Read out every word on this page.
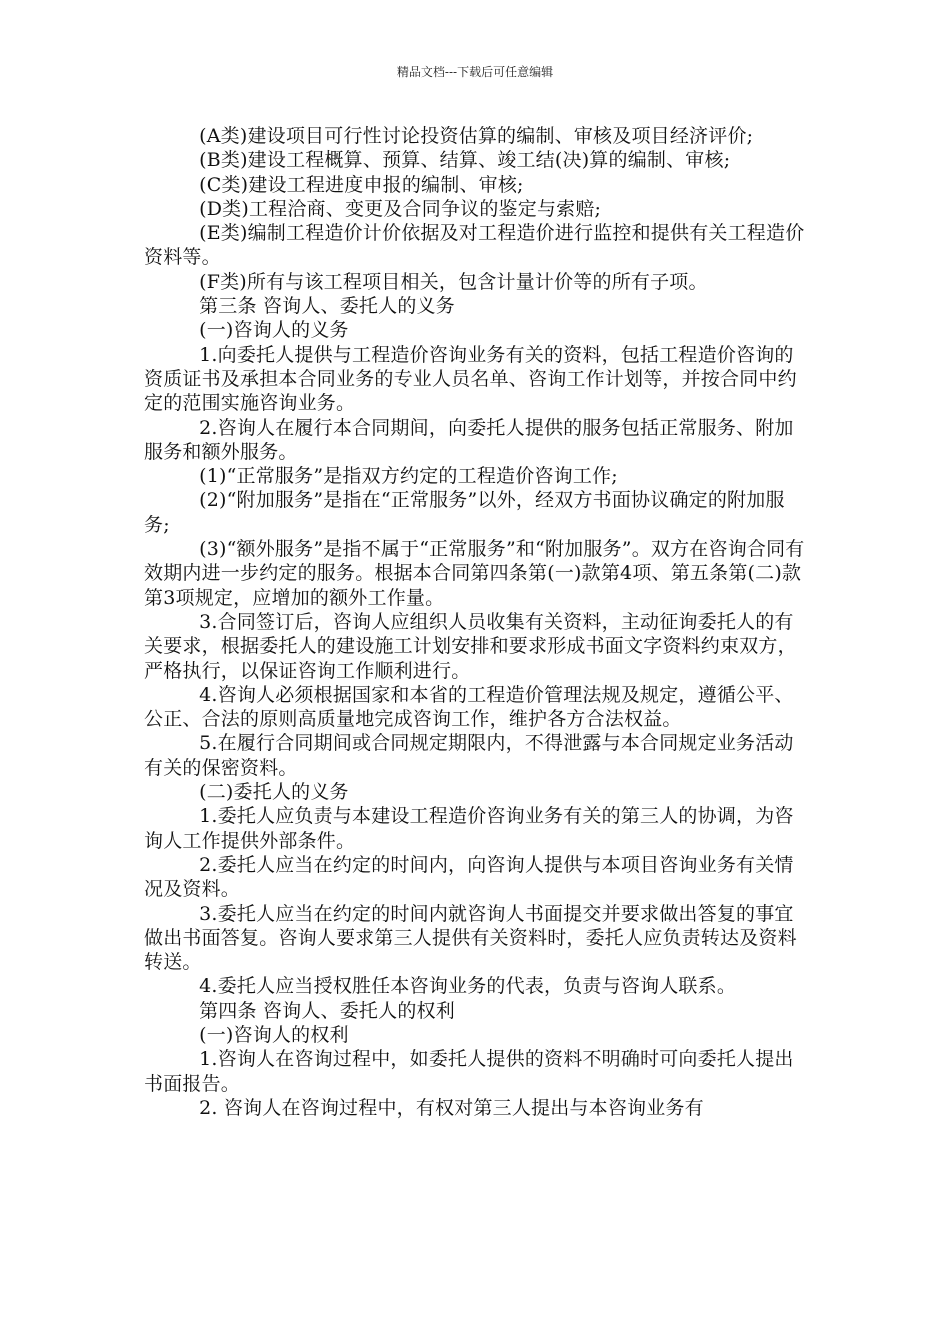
精品文档---下载后可任意编辑

(A类)建设项目可行性讨论投资估算的编制、审核及项目经济评价;

(B类)建设工程概算、预算、结算、竣工结(决)算的编制、审核;

(C类)建设工程进度申报的编制、审核;

(D类)工程洽商、变更及合同争议的鉴定与索赔;

(E类)编制工程造价计价依据及对工程造价进行监控和提供有关工程造价资料等。

(F类)所有与该工程项目相关，包含计量计价等的所有子项。

第三条 咨询人、委托人的义务

(一)咨询人的义务

1.向委托人提供与工程造价咨询业务有关的资料，包括工程造价咨询的资质证书及承担本合同业务的专业人员名单、咨询工作计划等，并按合同中约定的范围实施咨询业务。

2.咨询人在履行本合同期间，向委托人提供的服务包括正常服务、附加服务和额外服务。

(1)“正常服务”是指双方约定的工程造价咨询工作;

(2)“附加服务”是指在“正常服务”以外，经双方书面协议确定的附加服务;

(3)“额外服务”是指不属于“正常服务”和“附加服务”。双方在咨询合同有效期内进一步约定的服务。根据本合同第四条第(一)款第4项、第五条第(二)款第3项规定，应增加的额外工作量。

3.合同签订后，咨询人应组织人员收集有关资料，主动征询委托人的有关要求，根据委托人的建设施工计划安排和要求形成书面文字资料约束双方，严格执行，以保证咨询工作顺利进行。

4.咨询人必须根据国家和本省的工程造价管理法规及规定，遵循公平、公正、合法的原则高质量地完成咨询工作，维护各方合法权益。

5.在履行合同期间或合同规定期限内，不得泄露与本合同规定业务活动有关的保密资料。

(二)委托人的义务

1.委托人应负责与本建设工程造价咨询业务有关的第三人的协调，为咨询人工作提供外部条件。

2.委托人应当在约定的时间内，向咨询人提供与本项目咨询业务有关情况及资料。

3.委托人应当在约定的时间内就咨询人书面提交并要求做出答复的事宜做出书面答复。咨询人要求第三人提供有关资料时，委托人应负责转达及资料转送。

4.委托人应当授权胜任本咨询业务的代表，负责与咨询人联系。

第四条 咨询人、委托人的权利

(一)咨询人的权利

1.咨询人在咨询过程中，如委托人提供的资料不明确时可向委托人提出书面报告。

2. 咨询人在咨询过程中，有权对第三人提出与本咨询业务有
